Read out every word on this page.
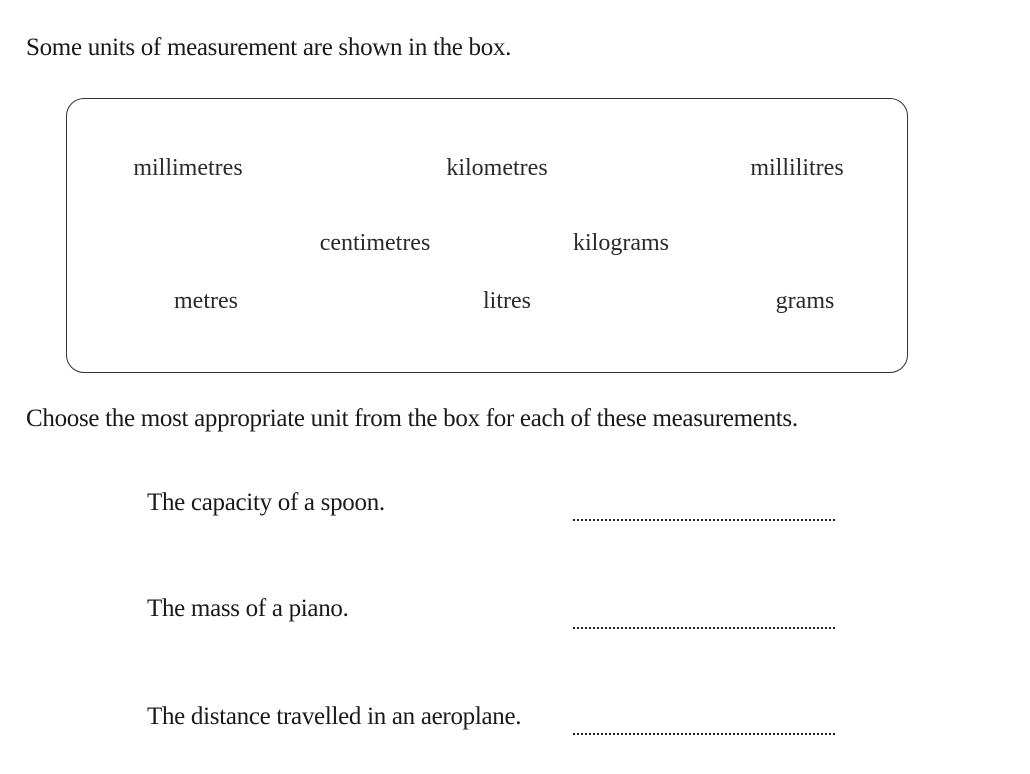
Some units of measurement are shown in the box.
millimetres	kilometres	millilitres
centimetres	kilograms
metres	litres	grams
Choose the most appropriate unit from the box for each of these measurements.
The capacity of a spoon.
The mass of a piano.
The distance travelled in an aeroplane.
